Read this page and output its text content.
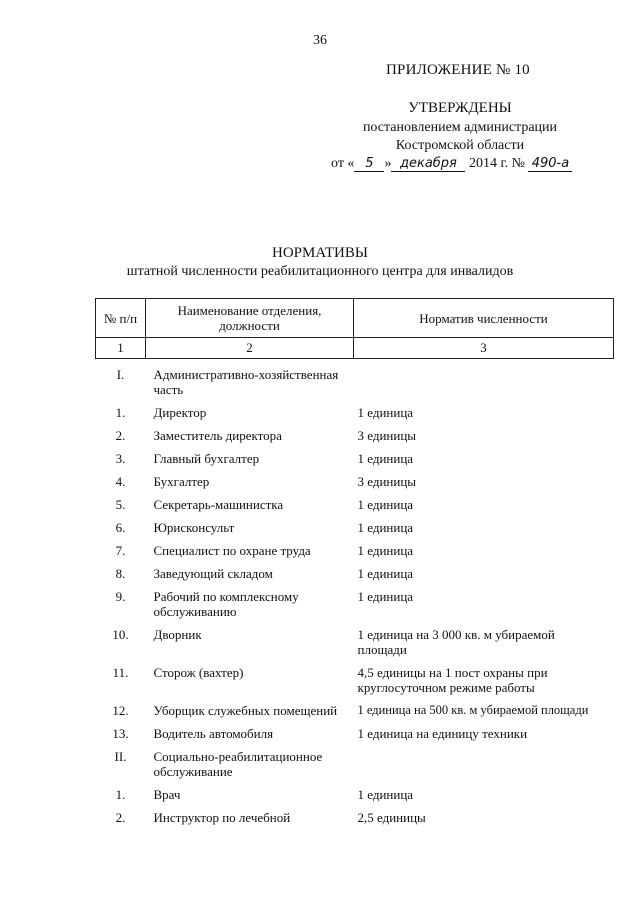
36
ПРИЛОЖЕНИЕ № 10
УТВЕРЖДЕНЫ
постановлением администрации
Костромской области
от « 5 » декабря 2014 г. № 490-а
НОРМАТИВЫ
штатной численности реабилитационного центра для инвалидов
№ п/п	Наименование отделения, должности	Норматив численности
1	2	3
I.	Административно-хозяйственная часть	
1.	Директор	1 единица
2.	Заместитель директора	3 единицы
3.	Главный бухгалтер	1 единица
4.	Бухгалтер	3 единицы
5.	Секретарь-машинистка	1 единица
6.	Юрисконсульт	1 единица
7.	Специалист по охране труда	1 единица
8.	Заведующий складом	1 единица
9.	Рабочий по комплексному обслуживанию	1 единица
10.	Дворник	1 единица на 3 000 кв. м убираемой площади
11.	Сторож (вахтер)	4,5 единицы на 1 пост охраны при круглосуточном режиме работы
12.	Уборщик служебных помещений	1 единица на 500 кв. м убираемой площади
13.	Водитель автомобиля	1 единица на единицу техники
II.	Социально-реабилитационное обслуживание	
1.	Врач	1 единица
2.	Инструктор по лечебной	2,5 единицы
